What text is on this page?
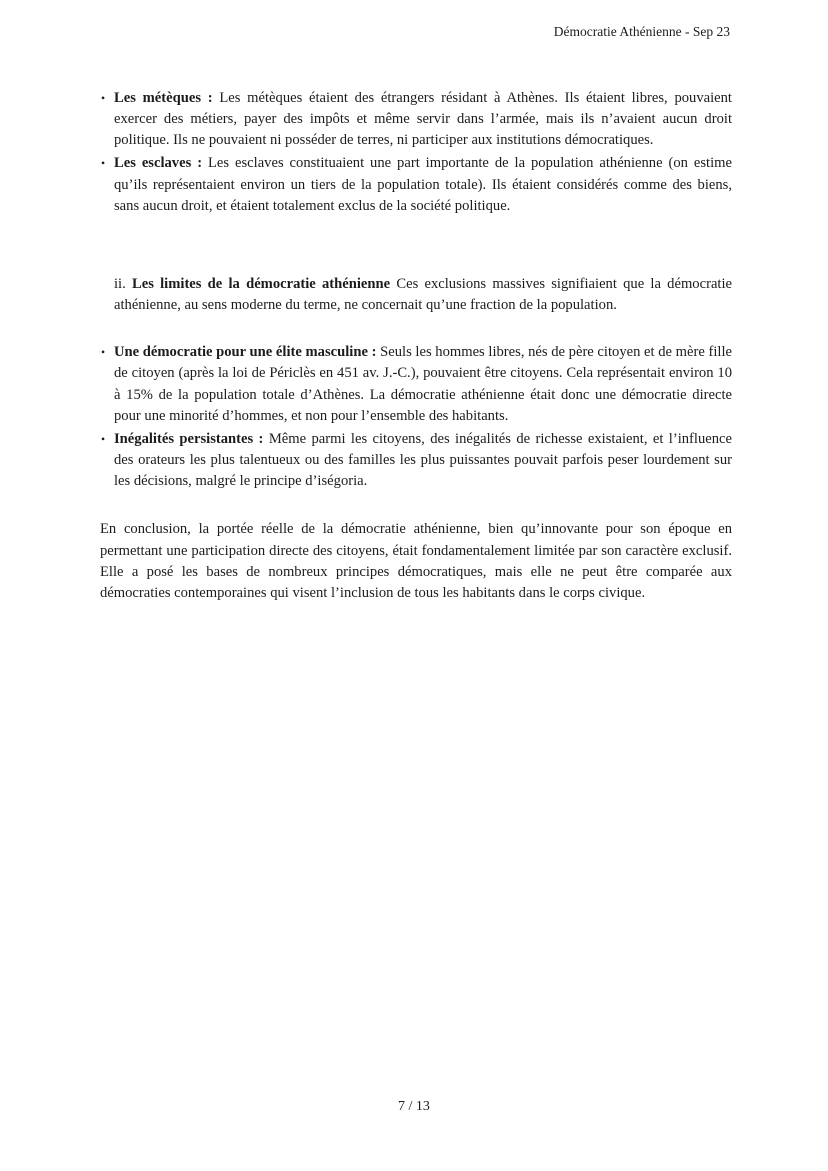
Démocratie Athénienne - Sep 23
• Les métèques : Les métèques étaient des étrangers résidant à Athènes. Ils étaient libres, pouvaient exercer des métiers, payer des impôts et même servir dans l’armée, mais ils n’avaient aucun droit politique. Ils ne pouvaient ni posséder de terres, ni participer aux institutions démocratiques.
• Les esclaves : Les esclaves constituaient une part importante de la population athénienne (on estime qu’ils représentaient environ un tiers de la population totale). Ils étaient considérés comme des biens, sans aucun droit, et étaient totalement exclus de la société politique.

ii. Les limites de la démocratie athénienne Ces exclusions massives signifiaient que la démocratie athénienne, au sens moderne du terme, ne concernait qu’une fraction de la population.

• Une démocratie pour une élite masculine : Seuls les hommes libres, nés de père citoyen et de mère fille de citoyen (après la loi de Périclès en 451 av. J.-C.), pouvaient être citoyens. Cela représentait environ 10 à 15% de la population totale d’Athènes. La démocratie athénienne était donc une démocratie directe pour une minorité d’hommes, et non pour l’ensemble des habitants.
• Inégalités persistantes : Même parmi les citoyens, des inégalités de richesse existaient, et l’influence des orateurs les plus talentueux ou des familles les plus puissantes pouvait parfois peser lourdement sur les décisions, malgré le principe d’iségoria.

En conclusion, la portée réelle de la démocratie athénienne, bien qu’innovante pour son époque en permettant une participation directe des citoyens, était fondamentalement limitée par son caractère exclusif. Elle a posé les bases de nombreux principes démocratiques, mais elle ne peut être comparée aux démocraties contemporaines qui visent l’inclusion de tous les habitants dans le corps civique.

7 / 13
